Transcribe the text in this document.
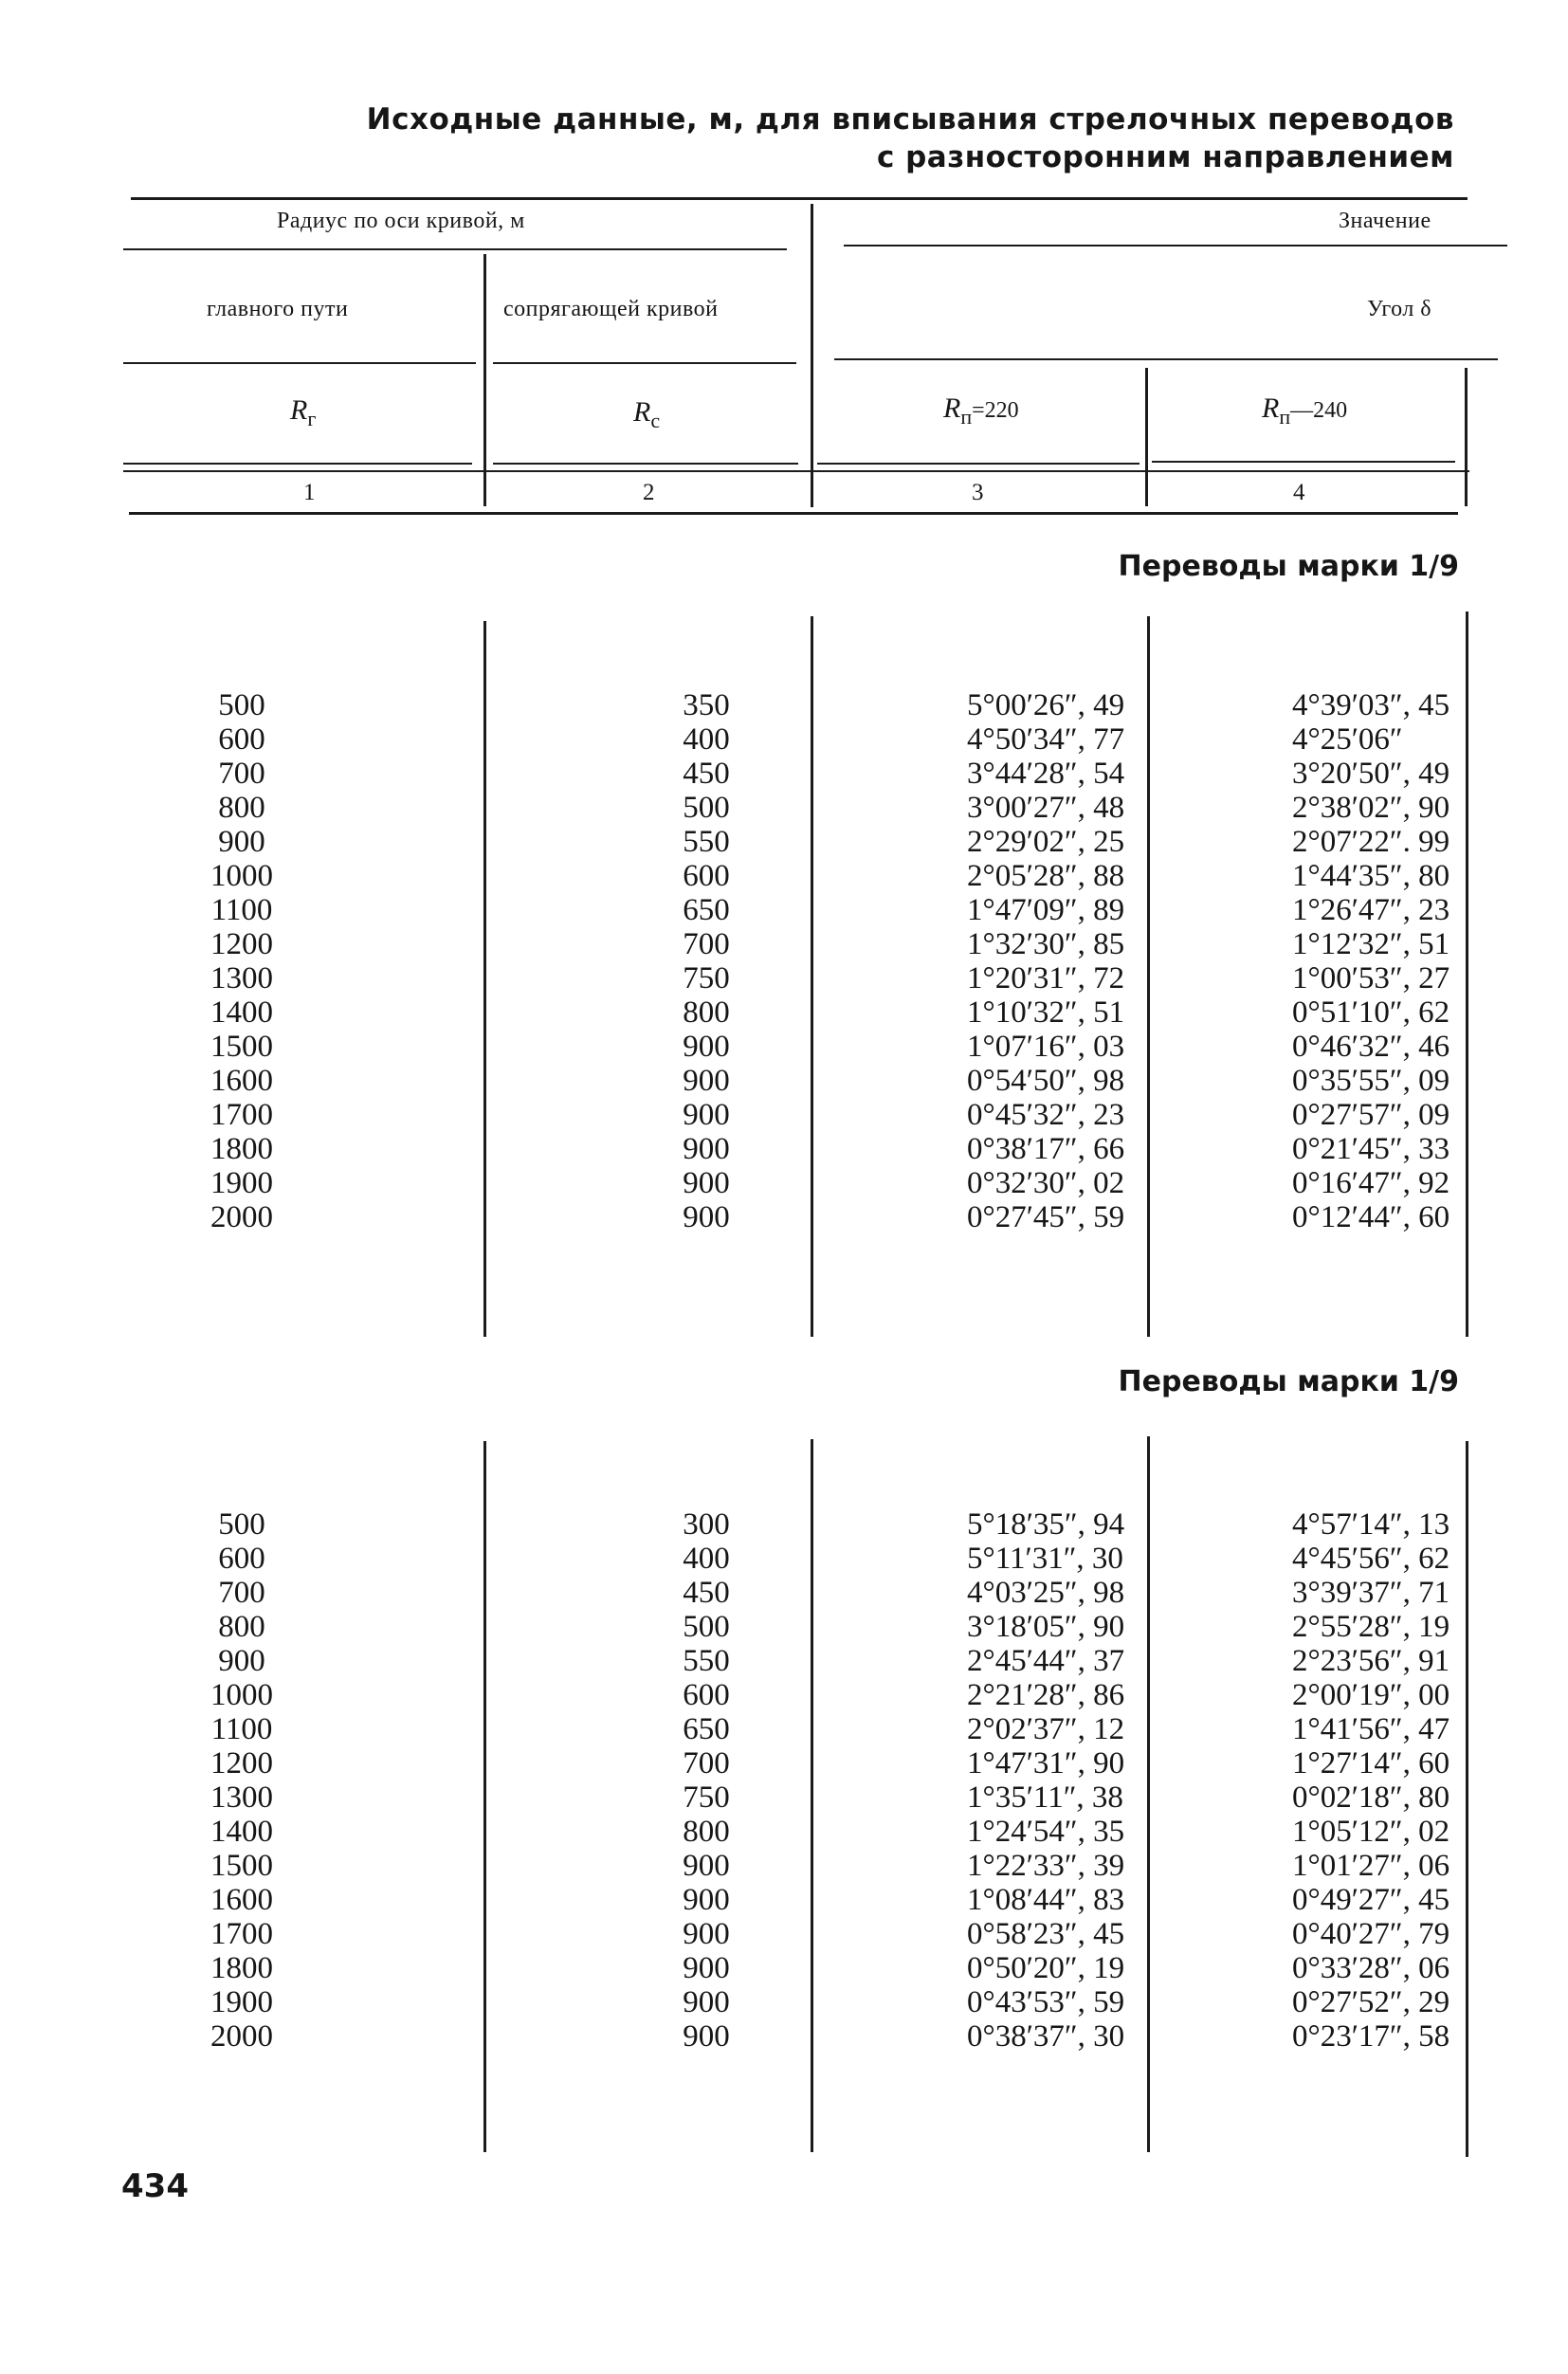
Исходные данные, м, для вписывания стрелочных переводов
с разносторонним направлением
Радиус по оси кривой, м	Значение
главного пути	сопрягающей кривой	Угол δ
$R_г$	$R_с$	$R_п=220$	$R_п—240$
1	2	3	4
Переводы марки 1/9
500	350	5°00′26″, 49	4°39′03″, 45
600	400	4°50′34″, 77	4°25′06″
700	450	3°44′28″, 54	3°20′50″, 49
800	500	3°00′27″, 48	2°38′02″, 90
900	550	2°29′02″, 25	2°07′22″. 99
1000	600	2°05′28″, 88	1°44′35″, 80
1100	650	1°47′09″, 89	1°26′47″, 23
1200	700	1°32′30″, 85	1°12′32″, 51
1300	750	1°20′31″, 72	1°00′53″, 27
1400	800	1°10′32″, 51	0°51′10″, 62
1500	900	1°07′16″, 03	0°46′32″, 46
1600	900	0°54′50″, 98	0°35′55″, 09
1700	900	0°45′32″, 23	0°27′57″, 09
1800	900	0°38′17″, 66	0°21′45″, 33
1900	900	0°32′30″, 02	0°16′47″, 92
2000	900	0°27′45″, 59	0°12′44″, 60
Переводы марки 1/9
500	300	5°18′35″, 94	4°57′14″, 13
600	400	5°11′31″, 30	4°45′56″, 62
700	450	4°03′25″, 98	3°39′37″, 71
800	500	3°18′05″, 90	2°55′28″, 19
900	550	2°45′44″, 37	2°23′56″, 91
1000	600	2°21′28″, 86	2°00′19″, 00
1100	650	2°02′37″, 12	1°41′56″, 47
1200	700	1°47′31″, 90	1°27′14″, 60
1300	750	1°35′11″, 38	0°02′18″, 80
1400	800	1°24′54″, 35	1°05′12″, 02
1500	900	1°22′33″, 39	1°01′27″, 06
1600	900	1°08′44″, 83	0°49′27″, 45
1700	900	0°58′23″, 45	0°40′27″, 79
1800	900	0°50′20″, 19	0°33′28″, 06
1900	900	0°43′53″, 59	0°27′52″, 29
2000	900	0°38′37″, 30	0°23′17″, 58
434
